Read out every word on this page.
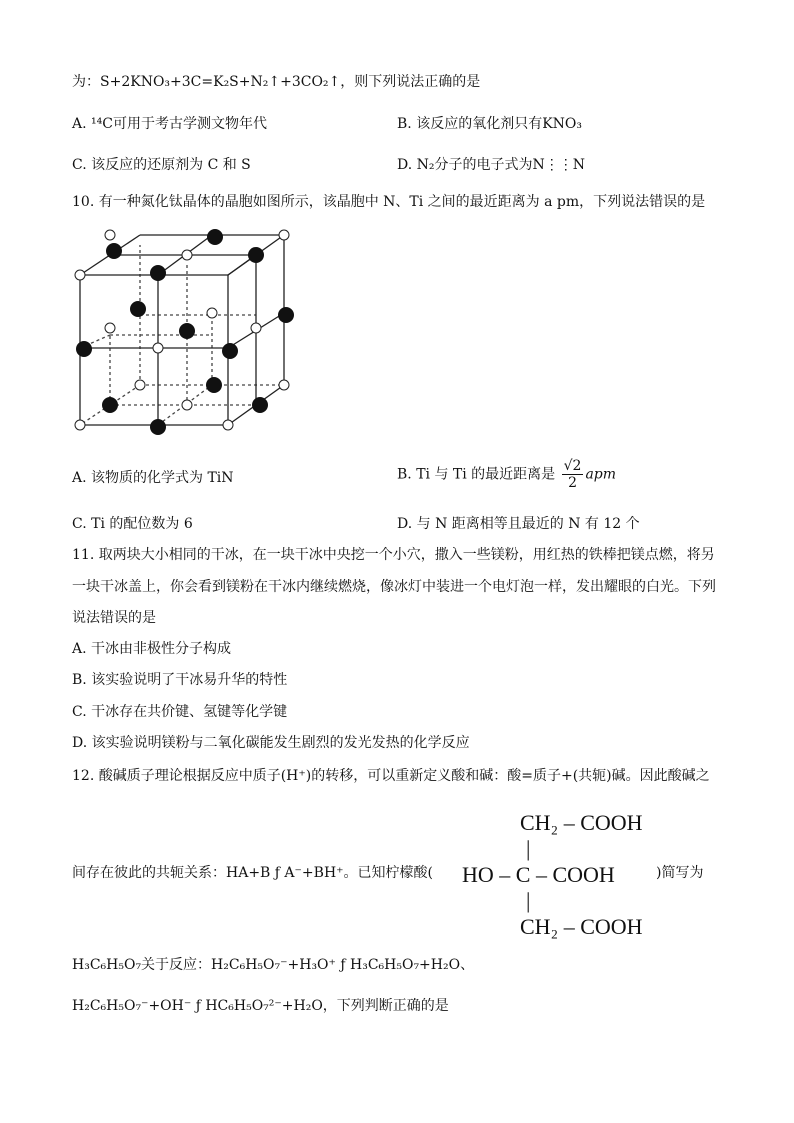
为：S+2KNO₃+3C=K₂S+N₂↑+3CO₂↑，则下列说法正确的是
A. ¹⁴C可用于考古学测文物年代	B. 该反应的氧化剂只有KNO₃
C. 该反应的还原剂为 C 和 S	D. N₂分子的电子式为N⋮⋮N
10. 有一种氮化钛晶体的晶胞如图所示，该晶胞中 N、Ti 之间的最近距离为 a pm，下列说法错误的是
A. 该物质的化学式为 TiN	B. Ti 与 Ti 的最近距离是 $\frac{√2}{2}$ apm
C. Ti 的配位数为 6	D. 与 N 距离相等且最近的 N 有 12 个
11. 取两块大小相同的干冰，在一块干冰中央挖一个小穴，撒入一些镁粉，用红热的铁棒把镁点燃，将另
一块干冰盖上，你会看到镁粉在干冰内继续燃烧，像冰灯中装进一个电灯泡一样，发出耀眼的白光。下列
说法错误的是
A. 干冰由非极性分子构成
B. 该实验说明了干冰易升华的特性
C. 干冰存在共价键、氢键等化学键
D. 该实验说明镁粉与二氧化碳能发生剧烈的发光发热的化学反应
12. 酸碱质子理论根据反应中质子(H⁺)的转移，可以重新定义酸和碱：酸=质子+(共轭)碱。因此酸碱之
CH₂ – COOH
|
HO – C – COOH
|
CH₂ – COOH
间存在彼此的共轭关系：HA+B ƒ A⁻+BH⁺。已知柠檬酸(	)简写为
H₃C₆H₅O₇关于反应：H₂C₆H₅O₇⁻+H₃O⁺ ƒ H₃C₆H₅O₇+H₂O、
H₂C₆H₅O₇⁻+OH⁻ ƒ HC₆H₅O₇²⁻+H₂O，下列判断正确的是
